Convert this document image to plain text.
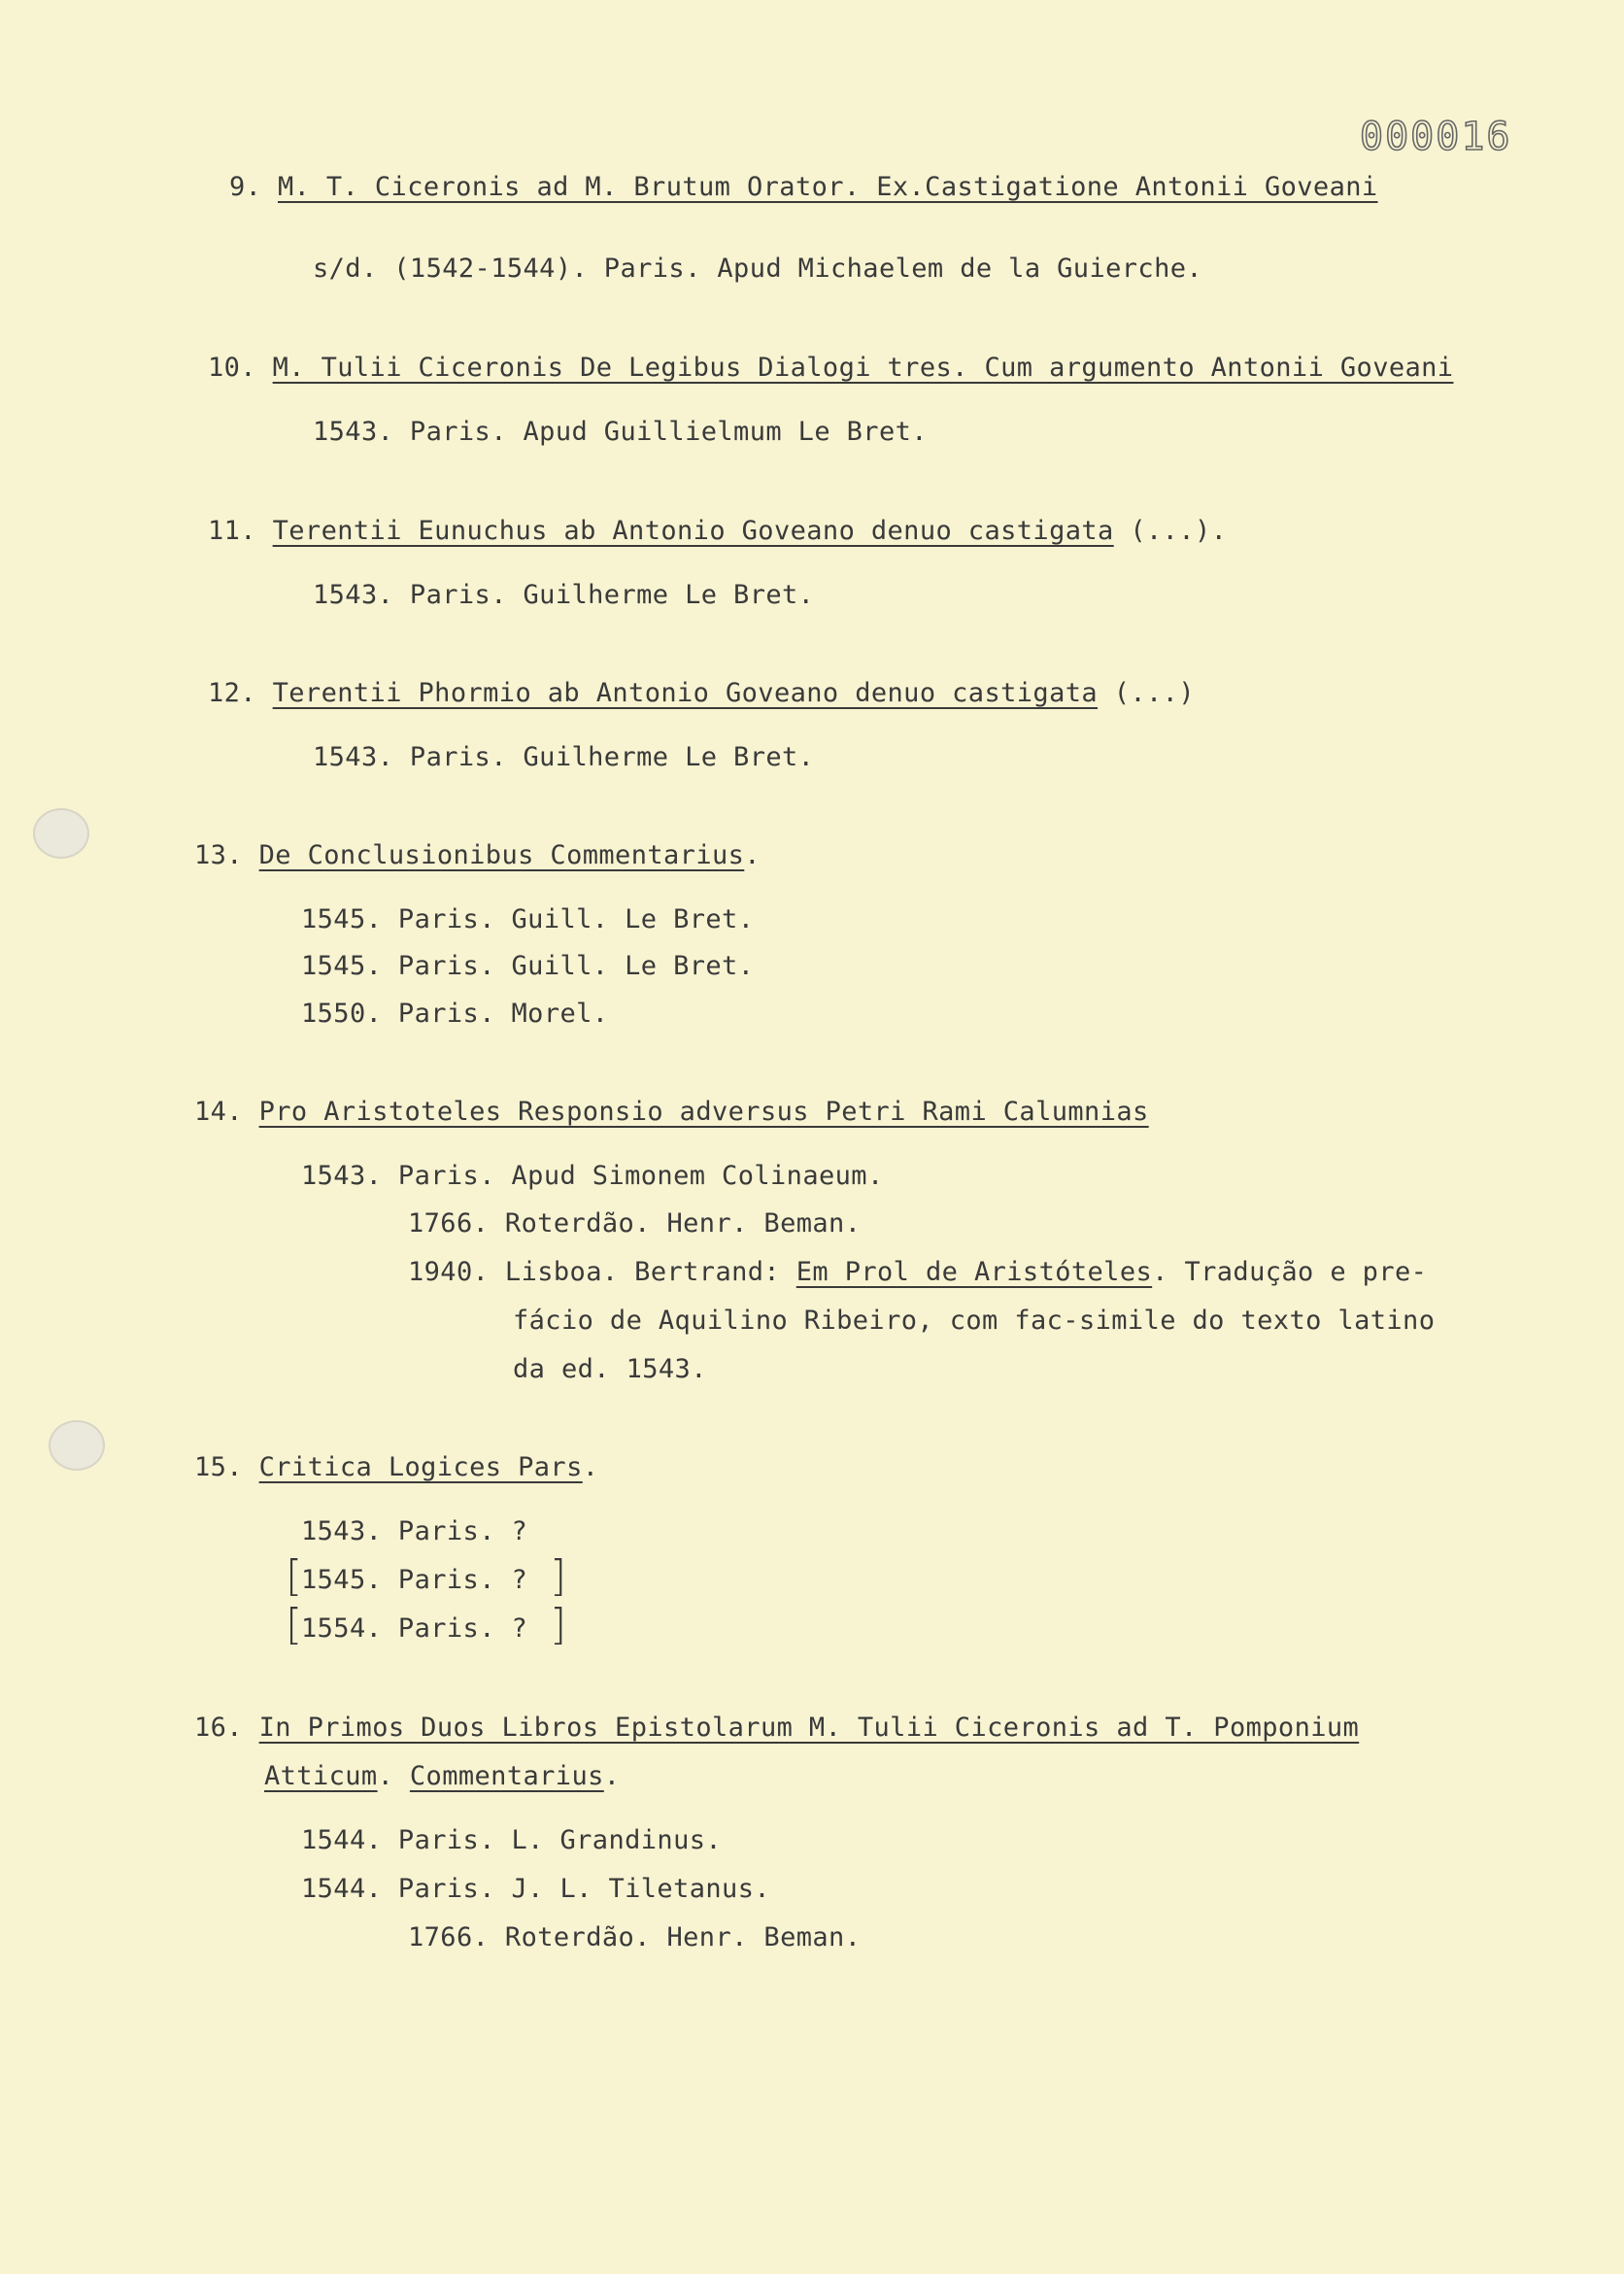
000016
9. M. T. Ciceronis ad M. Brutum Orator. Ex.Castigatione Antonii Goveani
s/d. (1542-1544). Paris. Apud Michaelem de la Guierche.
10. M. Tulii Ciceronis De Legibus Dialogi tres. Cum argumento Antonii Goveani
1543. Paris. Apud Guillielmum Le Bret.
11. Terentii Eunuchus ab Antonio Goveano denuo castigata (...).
1543. Paris. Guilherme Le Bret.
12. Terentii Phormio ab Antonio Goveano denuo castigata (...)
1543. Paris. Guilherme Le Bret.
13. De Conclusionibus Commentarius.
1545. Paris. Guill. Le Bret.
1545. Paris. Guill. Le Bret.
1550. Paris. Morel.
14. Pro Aristoteles Responsio adversus Petri Rami Calumnias
1543. Paris. Apud Simonem Colinaeum.
1766. Roterdão. Henr. Beman.
1940. Lisboa. Bertrand: Em Prol de Aristóteles. Tradução e pre-
fácio de Aquilino Ribeiro, com fac-simile do texto latino
da ed. 1543.
15. Critica Logices Pars.
1543. Paris. ?
[
1545. Paris. ? ]
[
1554. Paris. ? ]
16. In Primos Duos Libros Epistolarum M. Tulii Ciceronis ad T. Pomponium
Atticum. Commentarius.
1544. Paris. L. Grandinus.
1544. Paris. J. L. Tiletanus.
1766. Roterdão. Henr. Beman.
